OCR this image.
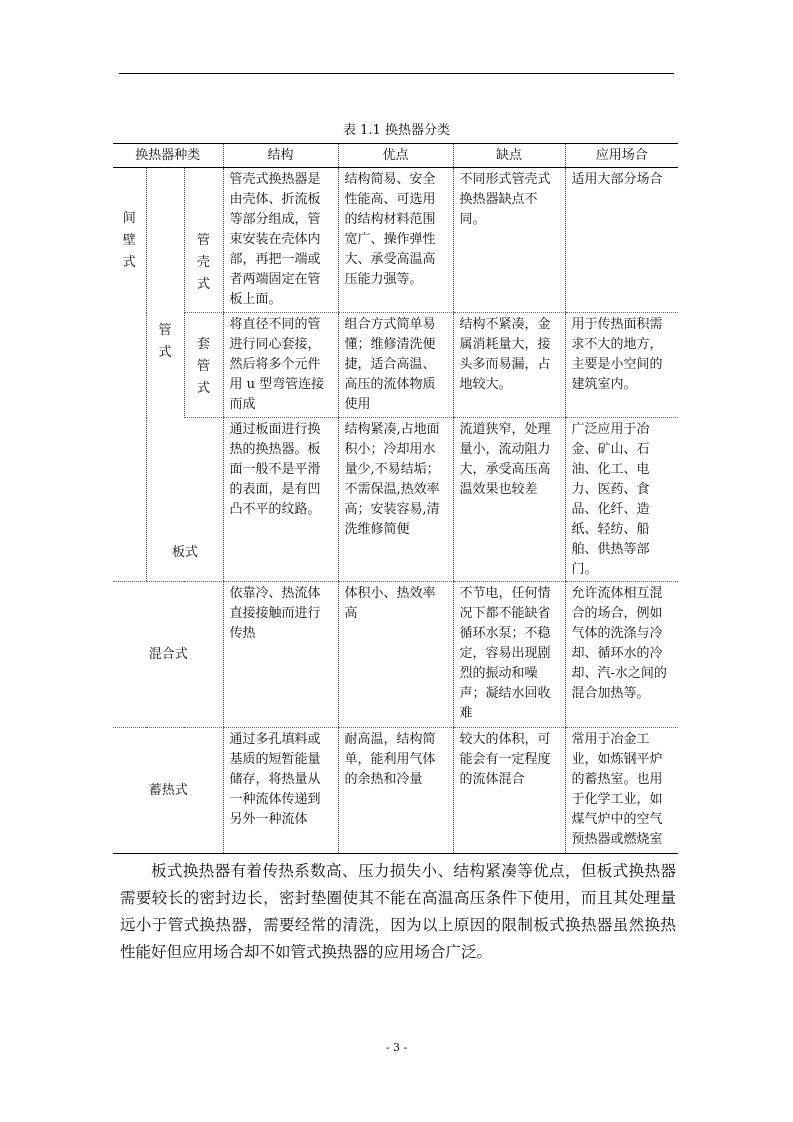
表 1.1 换热器分类
换热器种类			结构	优点	缺点	应用场合

间壁式	管式	管壳式	管壳式换热器是由壳体、折流板等部分组成，管束安装在壳体内部，再把一端或者两端固定在管板上面。	结构简易、安全性能高、可选用的结构材料范围宽广、操作弹性大、承受高温高压能力强等。	不同形式管壳式换热器缺点不同。	适用大部分场合

		套管式	将直径不同的管进行同心套接，然后将多个元件用 u 型弯管连接而成	组合方式简单易懂；维修清洗便捷，适合高温、高压的流体物质使用	结构不紧凑，金属消耗量大，接头多而易漏，占地较大。	用于传热面积需求不大的地方，主要是小空间的建筑室内。
	板式		通过板面进行换热的换热器。板面一般不是平滑的表面，是有凹凸不平的纹路。	结构紧凑,占地面积小；冷却用水量少,不易结垢；不需保温,热效率高；安装容易,清洗维修简便	流道狭窄，处理量小，流动阻力大，承受高压高温效果也较差	广泛应用于冶金、矿山、石油、化工、电力、医药、食品、化纤、造纸、轻纺、船舶、供热等部门。
混合式			依靠冷、热流体直接接触而进行传热	体积小、热效率高	不节电，任何情况下都不能缺省循环水泵；不稳定，容易出现剧烈的振动和噪声；凝结水回收难	允许流体相互混合的场合，例如气体的洗涤与冷却、循环水的冷却、汽-水之间的混合加热等。
蓄热式			通过多孔填料或基质的短暂能量储存，将热量从一种流体传递到另外一种流体	耐高温，结构简单，能利用气体的余热和冷量	较大的体积，可能会有一定程度的流体混合	常用于冶金工业，如炼钢平炉的蓄热室。也用于化学工业，如煤气炉中的空气预热器或燃烧室

板式换热器有着传热系数高、压力损失小、结构紧凑等优点，但板式换热器需要较长的密封边长，密封垫圈使其不能在高温高压条件下使用，而且其处理量远小于管式换热器，需要经常的清洗，因为以上原因的限制板式换热器虽然换热性能好但应用场合却不如管式换热器的应用场合广泛。

- 3 -
